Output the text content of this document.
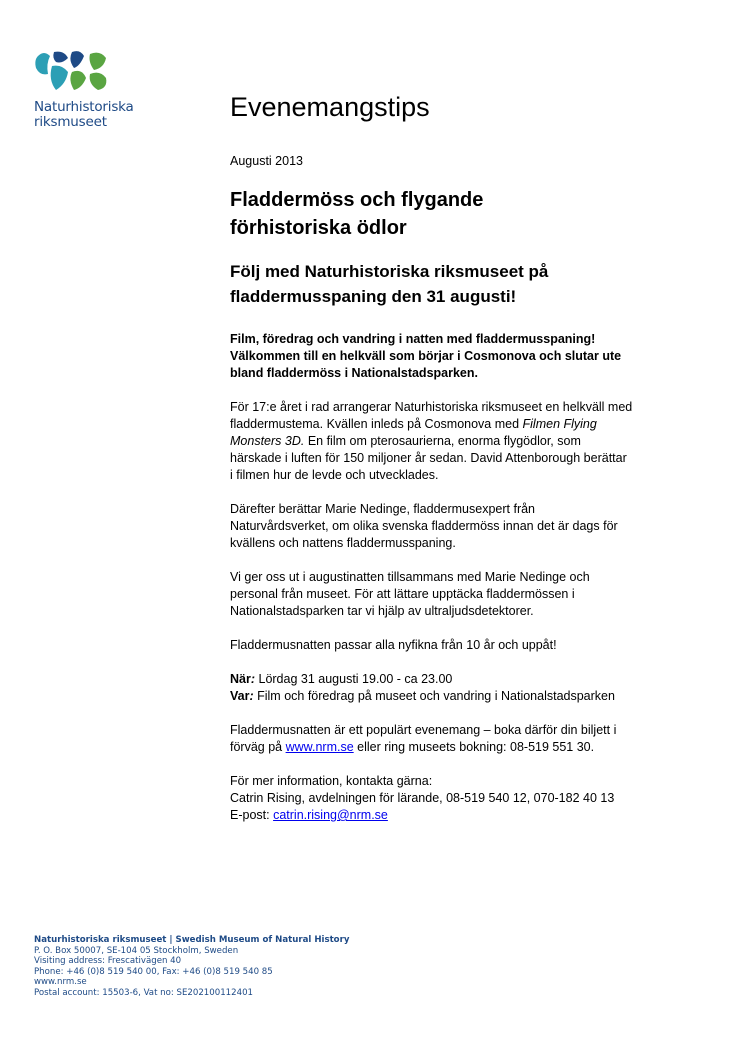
Naturhistoriska
riksmuseet	Evenemangstips
Augusti 2013
Fladdermöss och flygande
förhistoriska ödlor
Följ med Naturhistoriska riksmuseet på
fladdermusspaning den 31 augusti!
Film, föredrag och vandring i natten med fladdermusspaning!
Välkommen till en helkväll som börjar i Cosmonova och slutar ute
bland fladdermöss i Nationalstadsparken.
För 17:e året i rad arrangerar Naturhistoriska riksmuseet en helkväll med
fladdermustema. Kvällen inleds på Cosmonova med Filmen Flying
Monsters 3D. En film om pterosaurierna, enorma flygödlor, som
härskade i luften för 150 miljoner år sedan. David Attenborough berättar
i filmen hur de levde och utvecklades.
Därefter berättar Marie Nedinge, fladdermusexpert från
Naturvårdsverket, om olika svenska fladdermöss innan det är dags för
kvällens och nattens fladdermusspaning.
Vi ger oss ut i augustinatten tillsammans med Marie Nedinge och
personal från museet. För att lättare upptäcka fladdermössen i
Nationalstadsparken tar vi hjälp av ultraljudsdetektorer.
Fladdermusnatten passar alla nyfikna från 10 år och uppåt!
När: Lördag 31 augusti 19.00 - ca 23.00
Var: Film och föredrag på museet och vandring i Nationalstadsparken
Fladdermusnatten är ett populärt evenemang – boka därför din biljett i
förväg på www.nrm.se eller ring museets bokning: 08-519 551 30.
För mer information, kontakta gärna:
Catrin Rising, avdelningen för lärande, 08-519 540 12, 070-182 40 13
E-post: catrin.rising@nrm.se
Naturhistoriska riksmuseet | Swedish Museum of Natural History
P. O. Box 50007, SE-104 05 Stockholm, Sweden
Visiting address: Frescativägen 40
Phone: +46 (0)8 519 540 00, Fax: +46 (0)8 519 540 85
www.nrm.se
Postal account: 15503-6, Vat no: SE202100112401
